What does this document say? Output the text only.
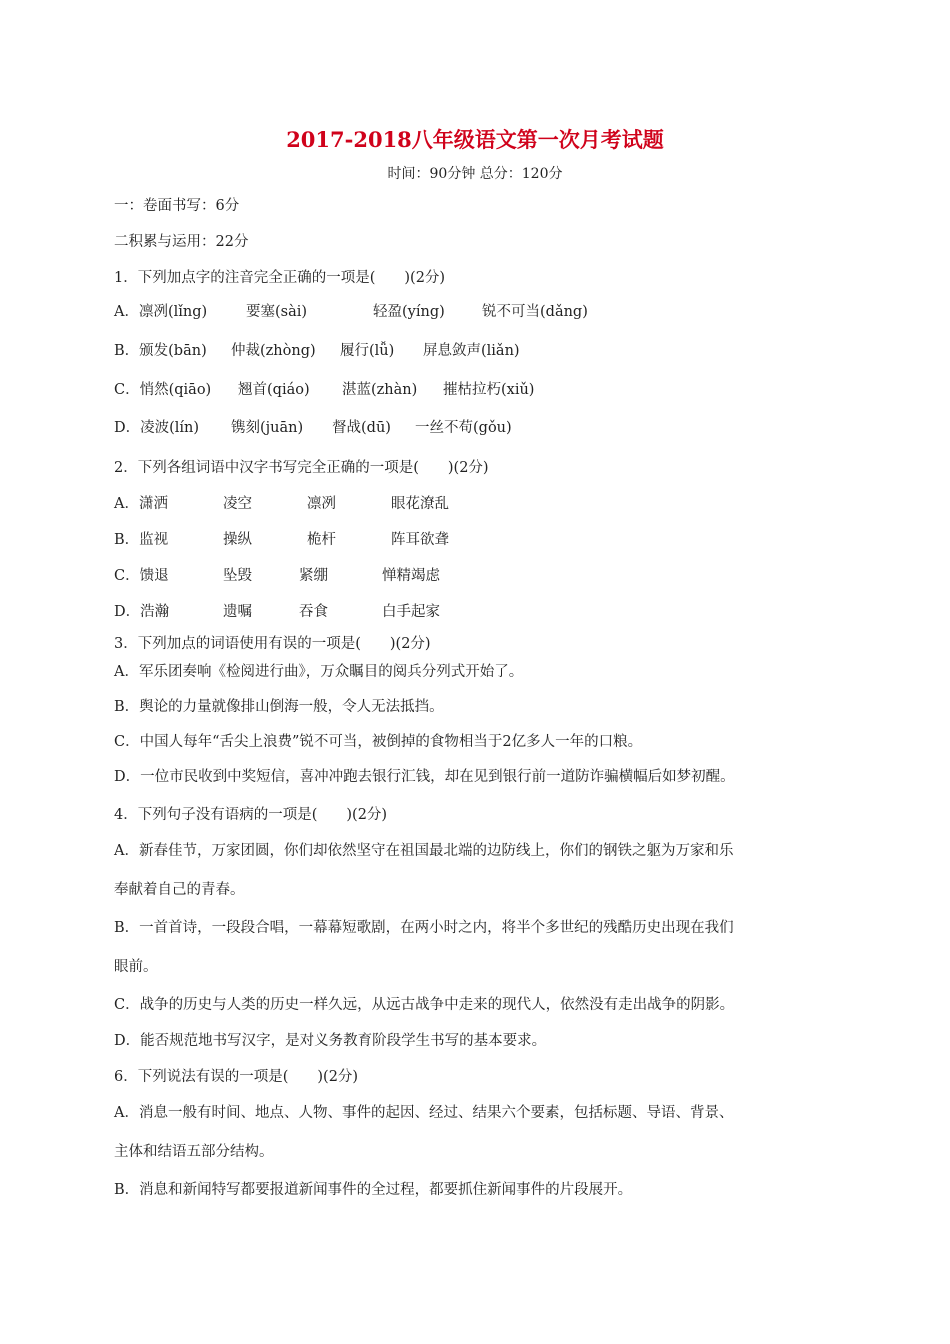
2017-2018八年级语文第一次月考试题
时间：90分钟 总分：120分
一：卷面书写：6分
二积累与运用：22分
1．下列加点字的注音完全正确的一项是(　　)(2分)
A．凛冽(lǐng)	要塞(sài)	轻盈(yíng)	锐不可当(dǎng)
B．颁发(bān) 仲裁(zhòng) 履行(lǚ) 屏息敛声(liǎn)
C．悄然(qiāo) 翘首(qiáo) 湛蓝(zhàn) 摧枯拉朽(xiǔ)
D．凌波(lín) 镌刻(juān) 督战(dū) 一丝不苟(gǒu)
2．下列各组词语中汉字书写完全正确的一项是(　　)(2分)
A．潇洒	凌空	凛冽	眼花潦乱
B．监视	操纵	桅杆	阵耳欲聋
C．馈退	坠毁	紧绷	惮精竭虑
D．浩瀚	遗嘱	吞食	白手起家
3．下列加点的词语使用有误的一项是(　　)(2分)
A．军乐团奏响《检阅进行曲》，万众瞩目的阅兵分列式开始了。
B．舆论的力量就像排山倒海一般，令人无法抵挡。
C．中国人每年“舌尖上浪费”锐不可当，被倒掉的食物相当于2亿多人一年的口粮。
D．一位市民收到中奖短信，喜冲冲跑去银行汇钱，却在见到银行前一道防诈骗横幅后如梦初醒。
4．下列句子没有语病的一项是(　　)(2分)
A．新春佳节，万家团圆，你们却依然坚守在祖国最北端的边防线上，你们的钢铁之躯为万家和乐
奉献着自己的青春。
B．一首首诗，一段段合唱，一幕幕短歌剧，在两小时之内，将半个多世纪的残酷历史出现在我们
眼前。
C．战争的历史与人类的历史一样久远，从远古战争中走来的现代人，依然没有走出战争的阴影。
D．能否规范地书写汉字，是对义务教育阶段学生书写的基本要求。
6．下列说法有误的一项是(　　)(2分)
A．消息一般有时间、地点、人物、事件的起因、经过、结果六个要素，包括标题、导语、背景、
主体和结语五部分结构。
B．消息和新闻特写都要报道新闻事件的全过程，都要抓住新闻事件的片段展开。
